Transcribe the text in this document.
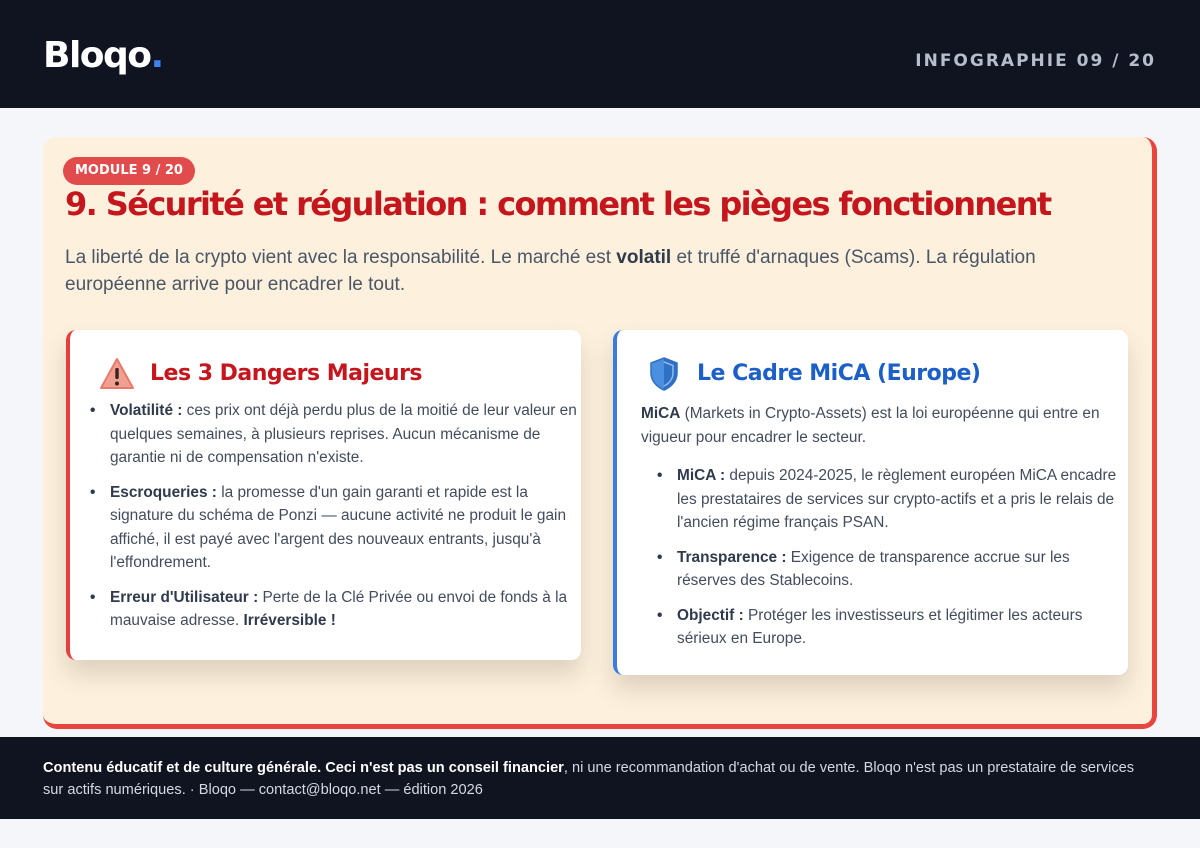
Bloqo.	INFOGRAPHIE 09 / 20
MODULE 9 / 20
9. Sécurité et régulation : comment les pièges fonctionnent

La liberté de la crypto vient avec la responsabilité. Le marché est volatil et truffé d'arnaques (Scams). La régulation européenne arrive pour encadrer le tout.

Les 3 Dangers Majeurs
• Volatilité : ces prix ont déjà perdu plus de la moitié de leur valeur en quelques semaines, à plusieurs reprises. Aucun mécanisme de garantie ni de compensation n'existe.
• Escroqueries : la promesse d'un gain garanti et rapide est la signature du schéma de Ponzi — aucune activité ne produit le gain affiché, il est payé avec l'argent des nouveaux entrants, jusqu'à l'effondrement.
• Erreur d'Utilisateur : Perte de la Clé Privée ou envoi de fonds à la mauvaise adresse. Irréversible !
Le Cadre MiCA (Europe)

MiCA (Markets in Crypto-Assets) est la loi européenne qui entre en vigueur pour encadrer le secteur.

• MiCA : depuis 2024-2025, le règlement européen MiCA encadre les prestataires de services sur crypto-actifs et a pris le relais de l'ancien régime français PSAN.
• Transparence : Exigence de transparence accrue sur les réserves des Stablecoins.
• Objectif : Protéger les investisseurs et légitimer les acteurs sérieux en Europe.

Contenu éducatif et de culture générale. Ceci n'est pas un conseil financier, ni une recommandation d'achat ou de vente. Bloqo n'est pas un prestataire de services sur actifs numériques. · Bloqo — contact@bloqo.net — édition 2026
